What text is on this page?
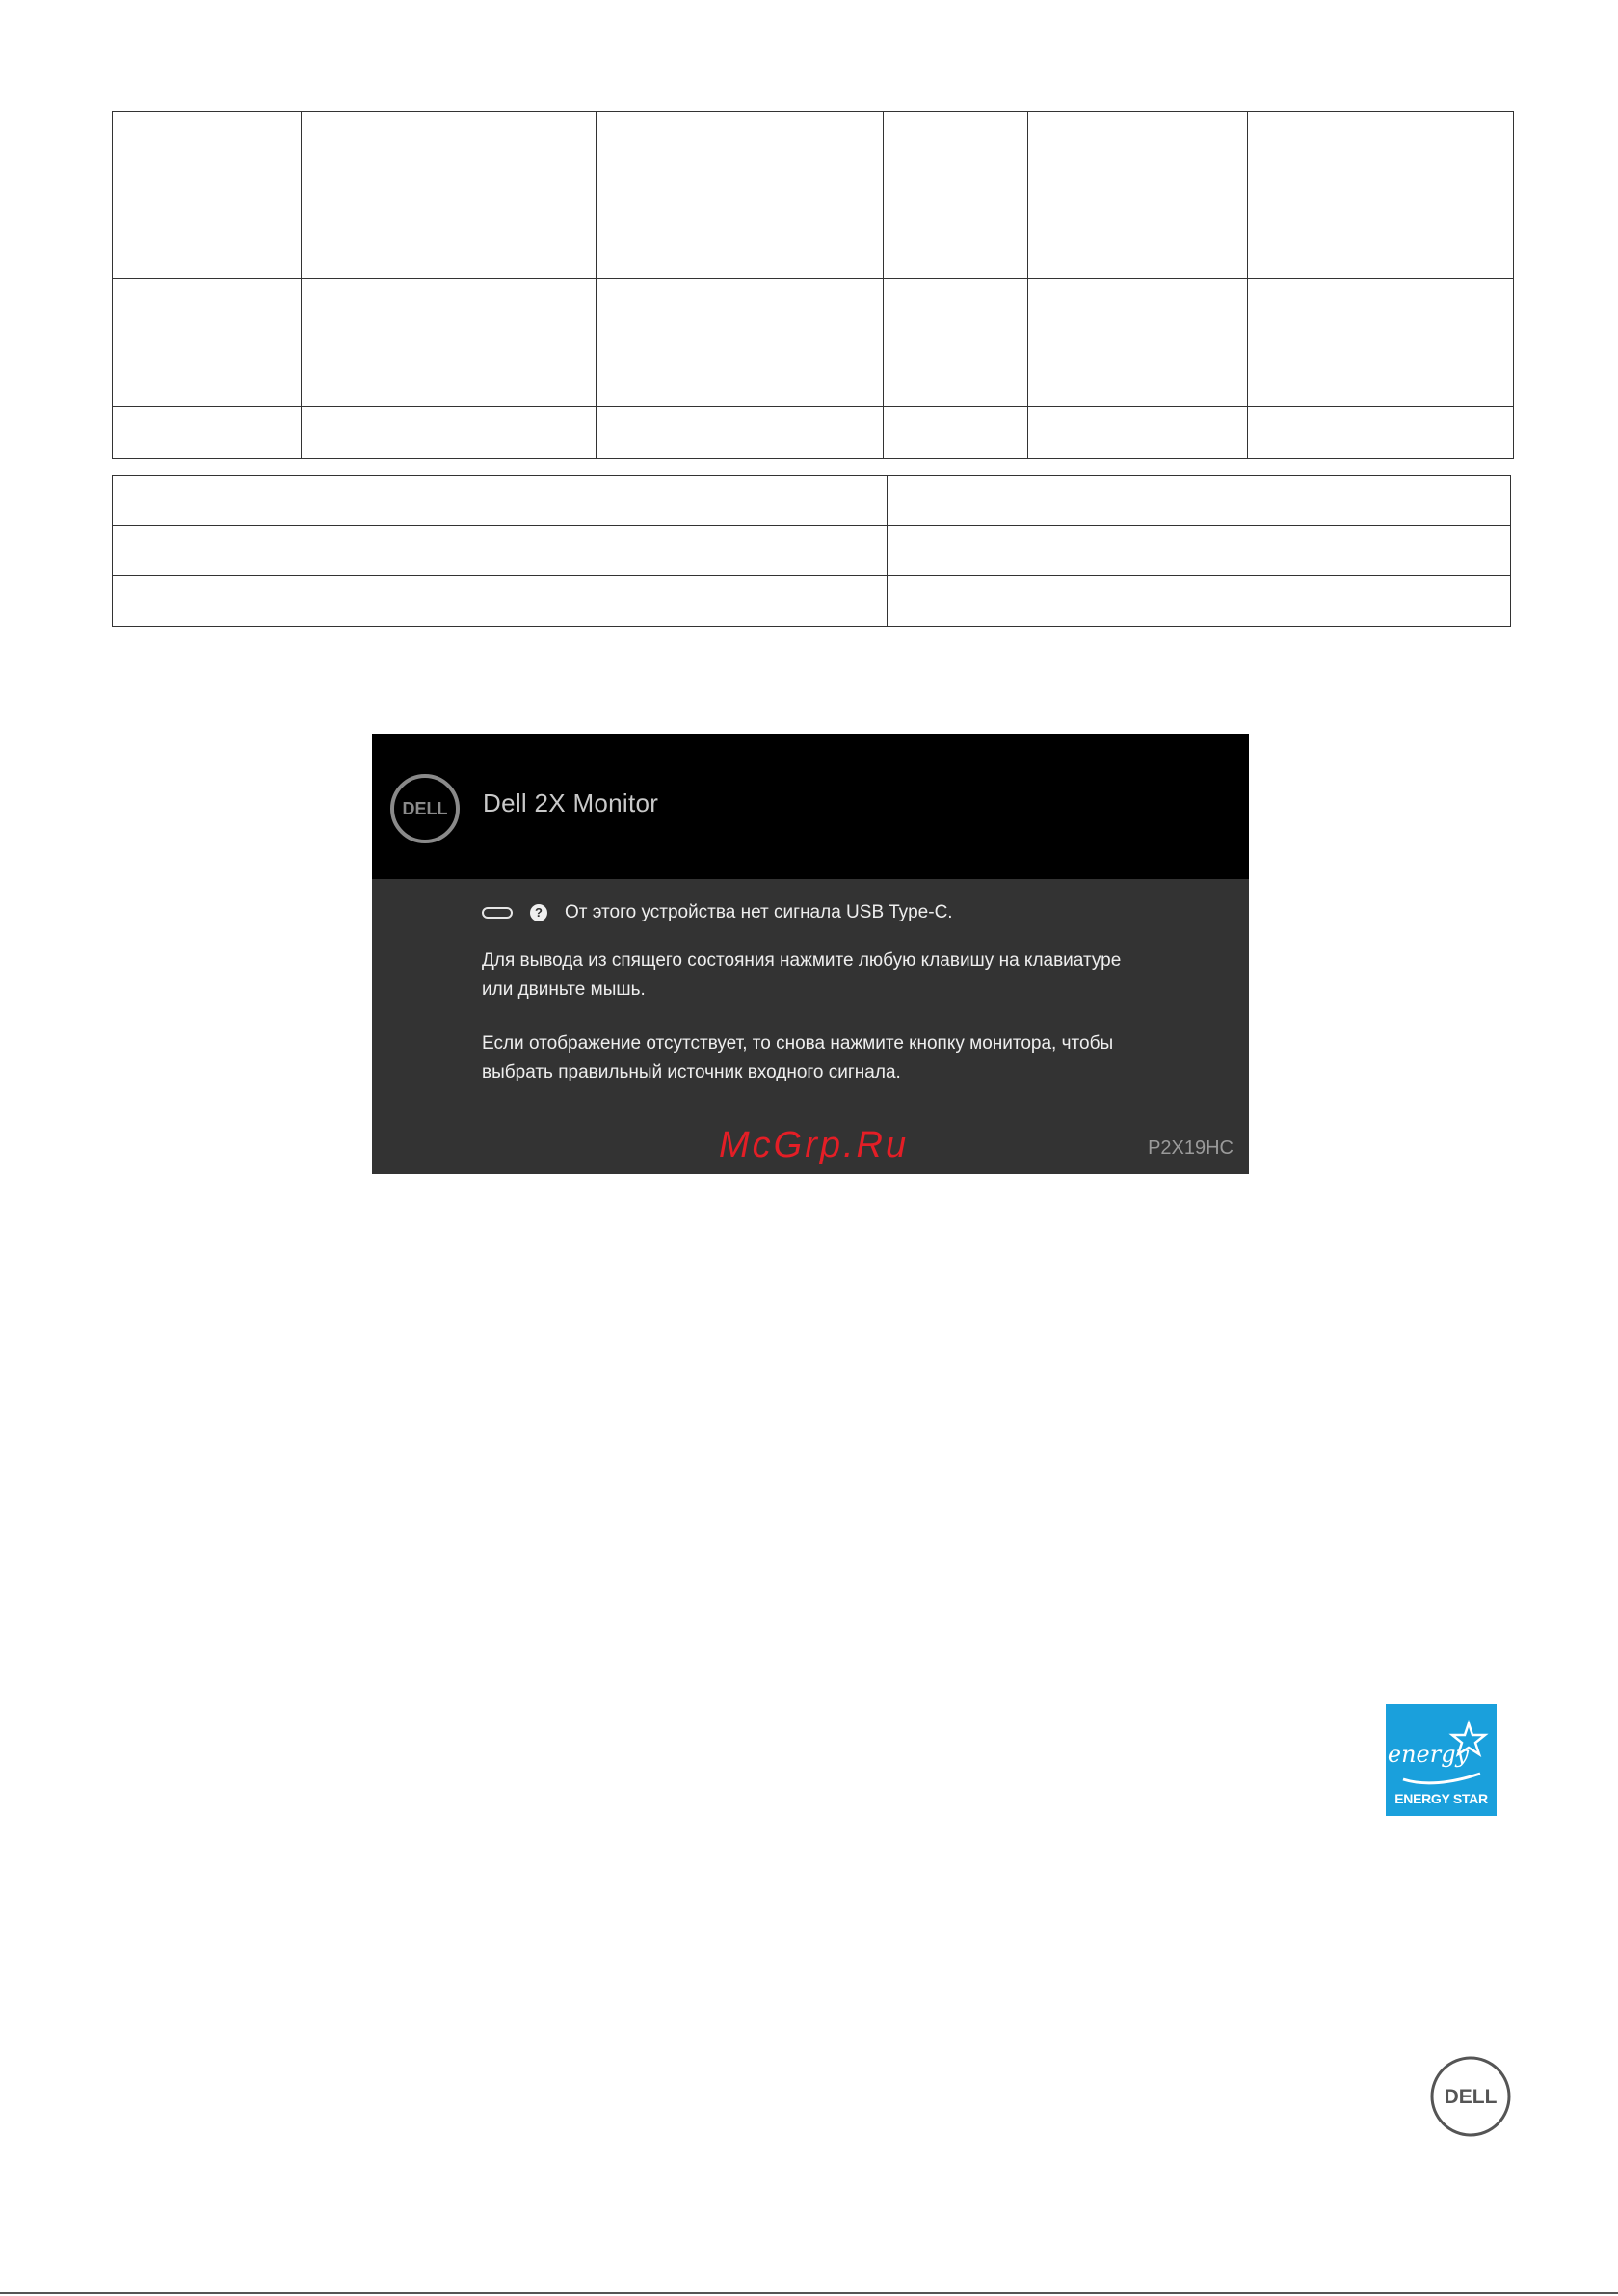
DELL Dell 2X Monitor
? От этого устройства нет сигнала USB Type-C.

Для вывода из спящего состояния нажмите любую клавишу на клавиатуре или двиньте мышь.

Если отображение отсутствует, то снова нажмите кнопку монитора, чтобы выбрать правильный источник входного сигнала.

McGrp.Ru	P2X19HC
energy
ENERGY STAR
DELL
